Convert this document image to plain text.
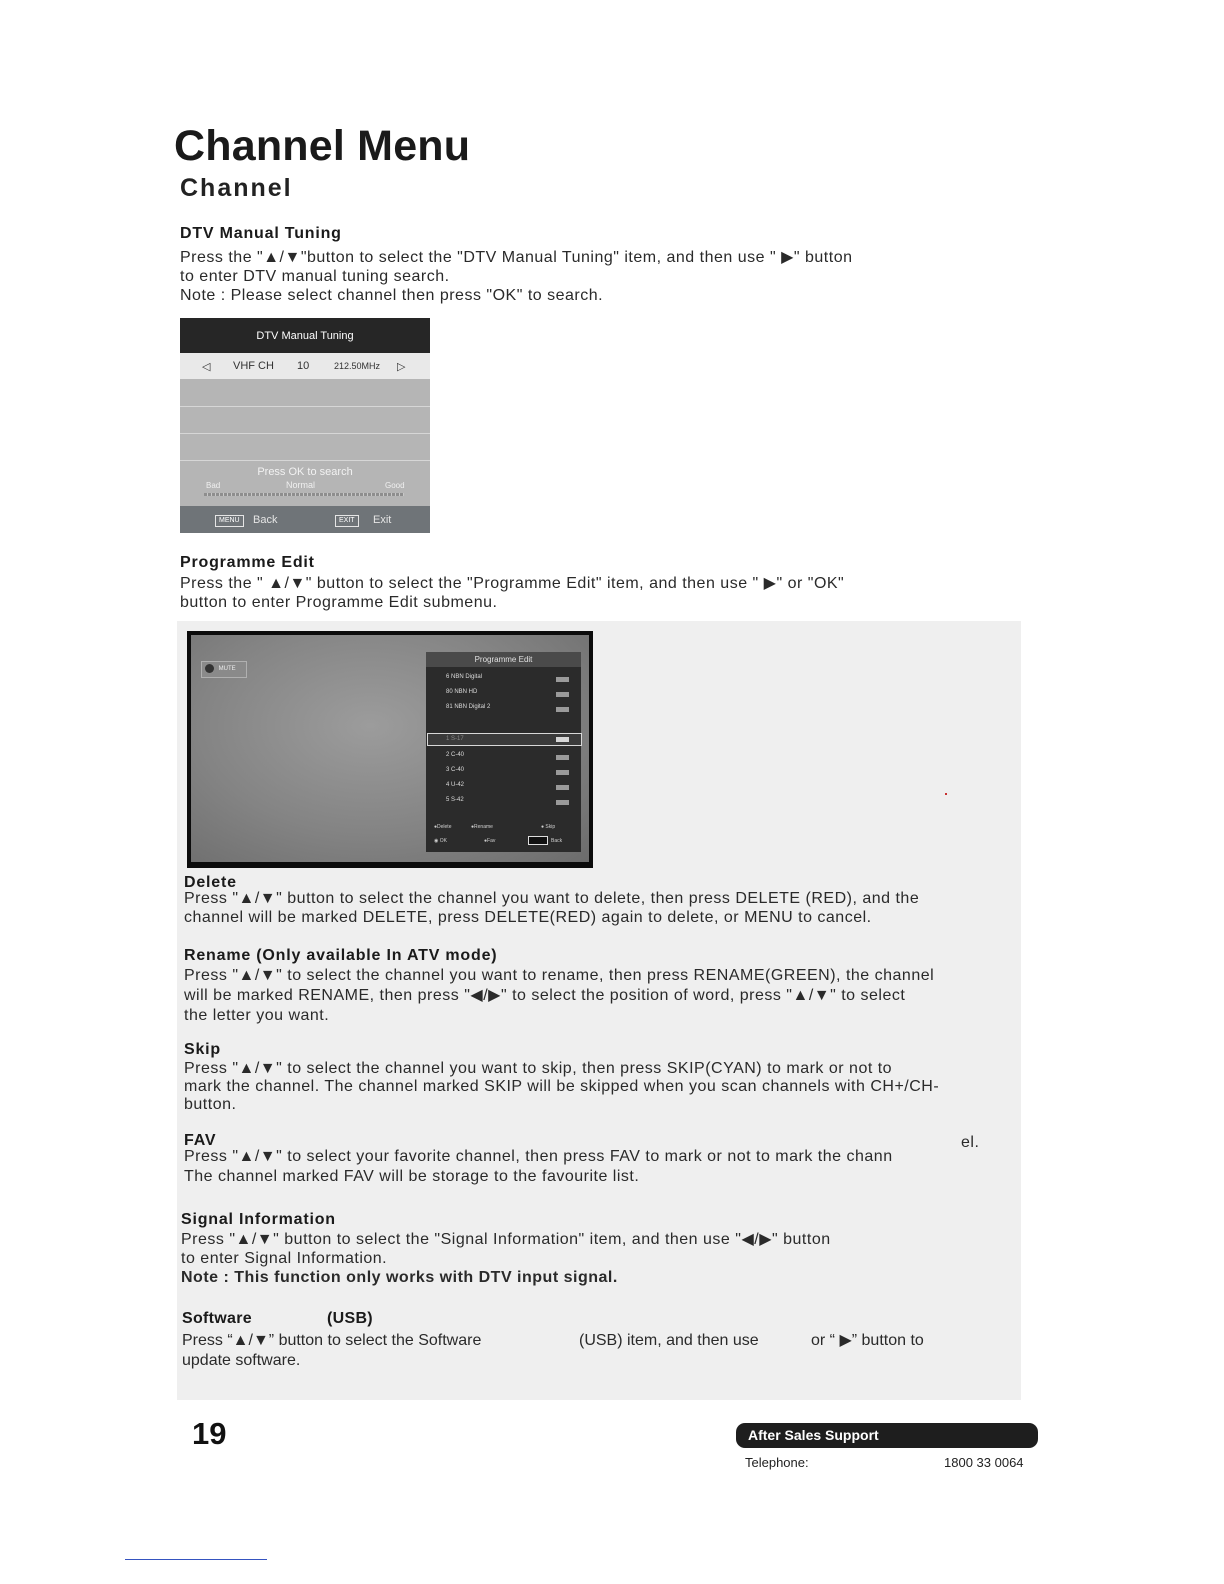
Channel Menu
Channel
DTV Manual Tuning
Press the "▲/▼"button to select the "DTV Manual Tuning" item, and then use " ▶" button
to enter DTV manual tuning search.
Note : Please select channel then press "OK" to search.
DTV Manual Tuning
◁ VHF CH 10	212.50MHz ▷
Press OK to search
Bad	Normal	Good
MENU	Back	EXIT	Exit
Programme Edit
Press the " ▲/▼" button to select the "Programme Edit" item, and then use " ▶" or "OK"
button to enter Programme Edit submenu.
MUTE
Programme Edit
6 NBN Digital
80 NBN HD
81 NBN Digital 2
1 S-17
2 C-40
3 C-40
4 U-42
5 S-42
●Delete	●Rename	● Skip
◉ OK	●Fav	Back
Delete
Press "▲/▼" button to select the channel you want to delete, then press DELETE (RED), and the
channel will be marked DELETE, press DELETE(RED) again to delete, or MENU to cancel.
Rename (Only available In ATV mode)
Press "▲/▼" to select the channel you want to rename, then press RENAME(GREEN), the channel
will be marked RENAME, then press "◀/▶" to select the position of word, press "▲/▼" to select
the letter you want.
Skip
Press "▲/▼" to select the channel you want to skip, then press SKIP(CYAN) to mark or not to
mark the channel. The channel marked SKIP will be skipped when you scan channels with CH+/CH-
button.
FAV	el.
Press "▲/▼" to select your favorite channel, then press FAV to mark or not to mark the chann
The channel marked FAV will be storage to the favourite list.
Signal Information
Press "▲/▼" button to select the "Signal Information" item, and then use "◀/▶" button
to enter Signal Information.
Note : This function only works with DTV input signal.
Software	(USB)
Press “▲/▼” button to select the Software	(USB) item, and then use	or “ ▶” button to
update software.
19	After Sales Support
Telephone:	1800 33 0064
